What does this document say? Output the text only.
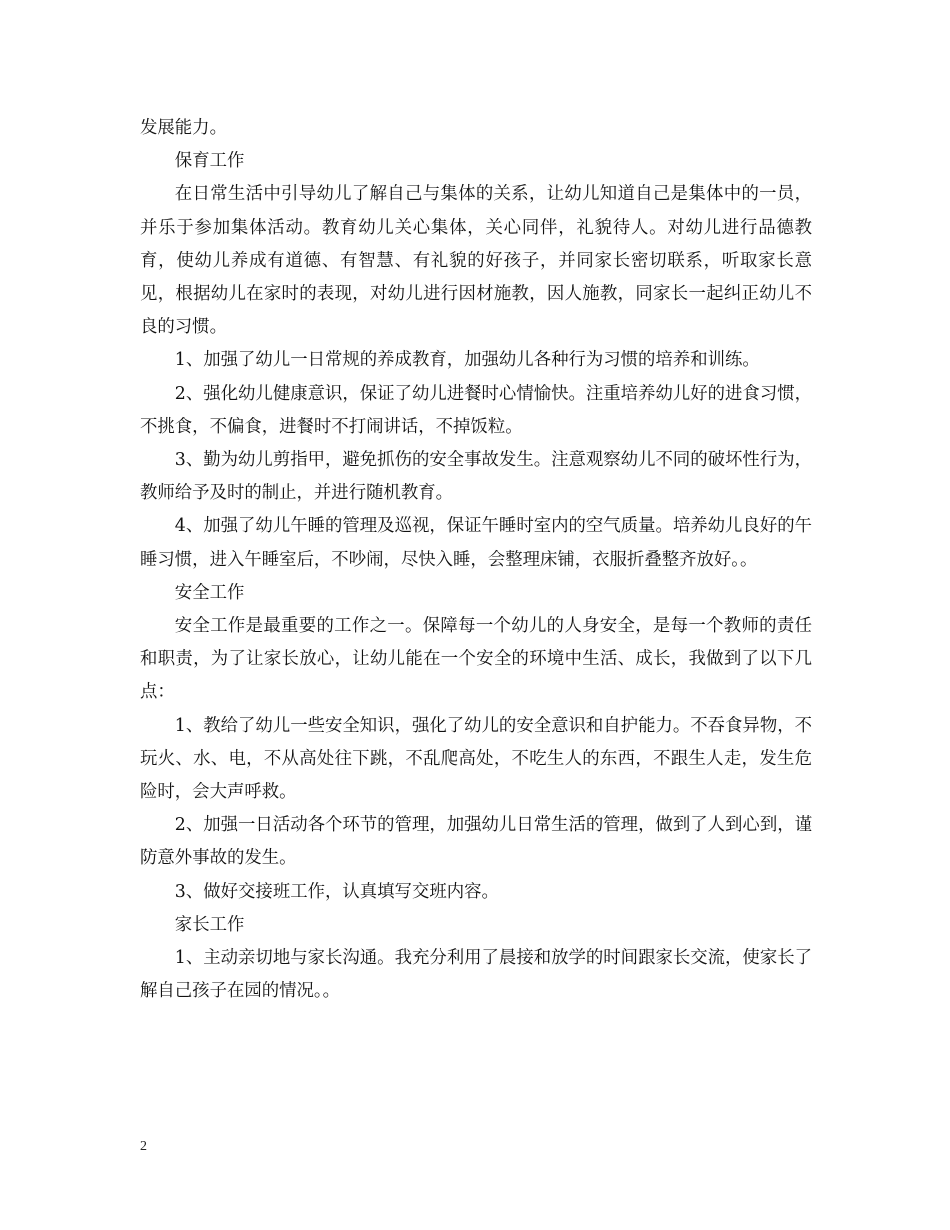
发展能力。

保育工作

在日常生活中引导幼儿了解自己与集体的关系，让幼儿知道自己是集体中的一员，并乐于参加集体活动。教育幼儿关心集体，关心同伴，礼貌待人。对幼儿进行品德教育，使幼儿养成有道德、有智慧、有礼貌的好孩子，并同家长密切联系，听取家长意见，根据幼儿在家时的表现，对幼儿进行因材施教，因人施教，同家长一起纠正幼儿不良的习惯。

1、加强了幼儿一日常规的养成教育，加强幼儿各种行为习惯的培养和训练。

2、强化幼儿健康意识，保证了幼儿进餐时心情愉快。注重培养幼儿好的进食习惯，不挑食，不偏食，进餐时不打闹讲话，不掉饭粒。

3、勤为幼儿剪指甲，避免抓伤的安全事故发生。注意观察幼儿不同的破坏性行为，教师给予及时的制止，并进行随机教育。

4、加强了幼儿午睡的管理及巡视，保证午睡时室内的空气质量。培养幼儿良好的午睡习惯，进入午睡室后，不吵闹，尽快入睡，会整理床铺，衣服折叠整齐放好。。

安全工作

安全工作是最重要的工作之一。保障每一个幼儿的人身安全，是每一个教师的责任和职责，为了让家长放心，让幼儿能在一个安全的环境中生活、成长，我做到了以下几点：

1、教给了幼儿一些安全知识，强化了幼儿的安全意识和自护能力。不吞食异物，不玩火、水、电，不从高处往下跳，不乱爬高处，不吃生人的东西，不跟生人走，发生危险时，会大声呼救。

2、加强一日活动各个环节的管理，加强幼儿日常生活的管理，做到了人到心到，谨防意外事故的发生。

3、做好交接班工作，认真填写交班内容。

家长工作

1、主动亲切地与家长沟通。我充分利用了晨接和放学的时间跟家长交流，使家长了解自己孩子在园的情况。。

2
